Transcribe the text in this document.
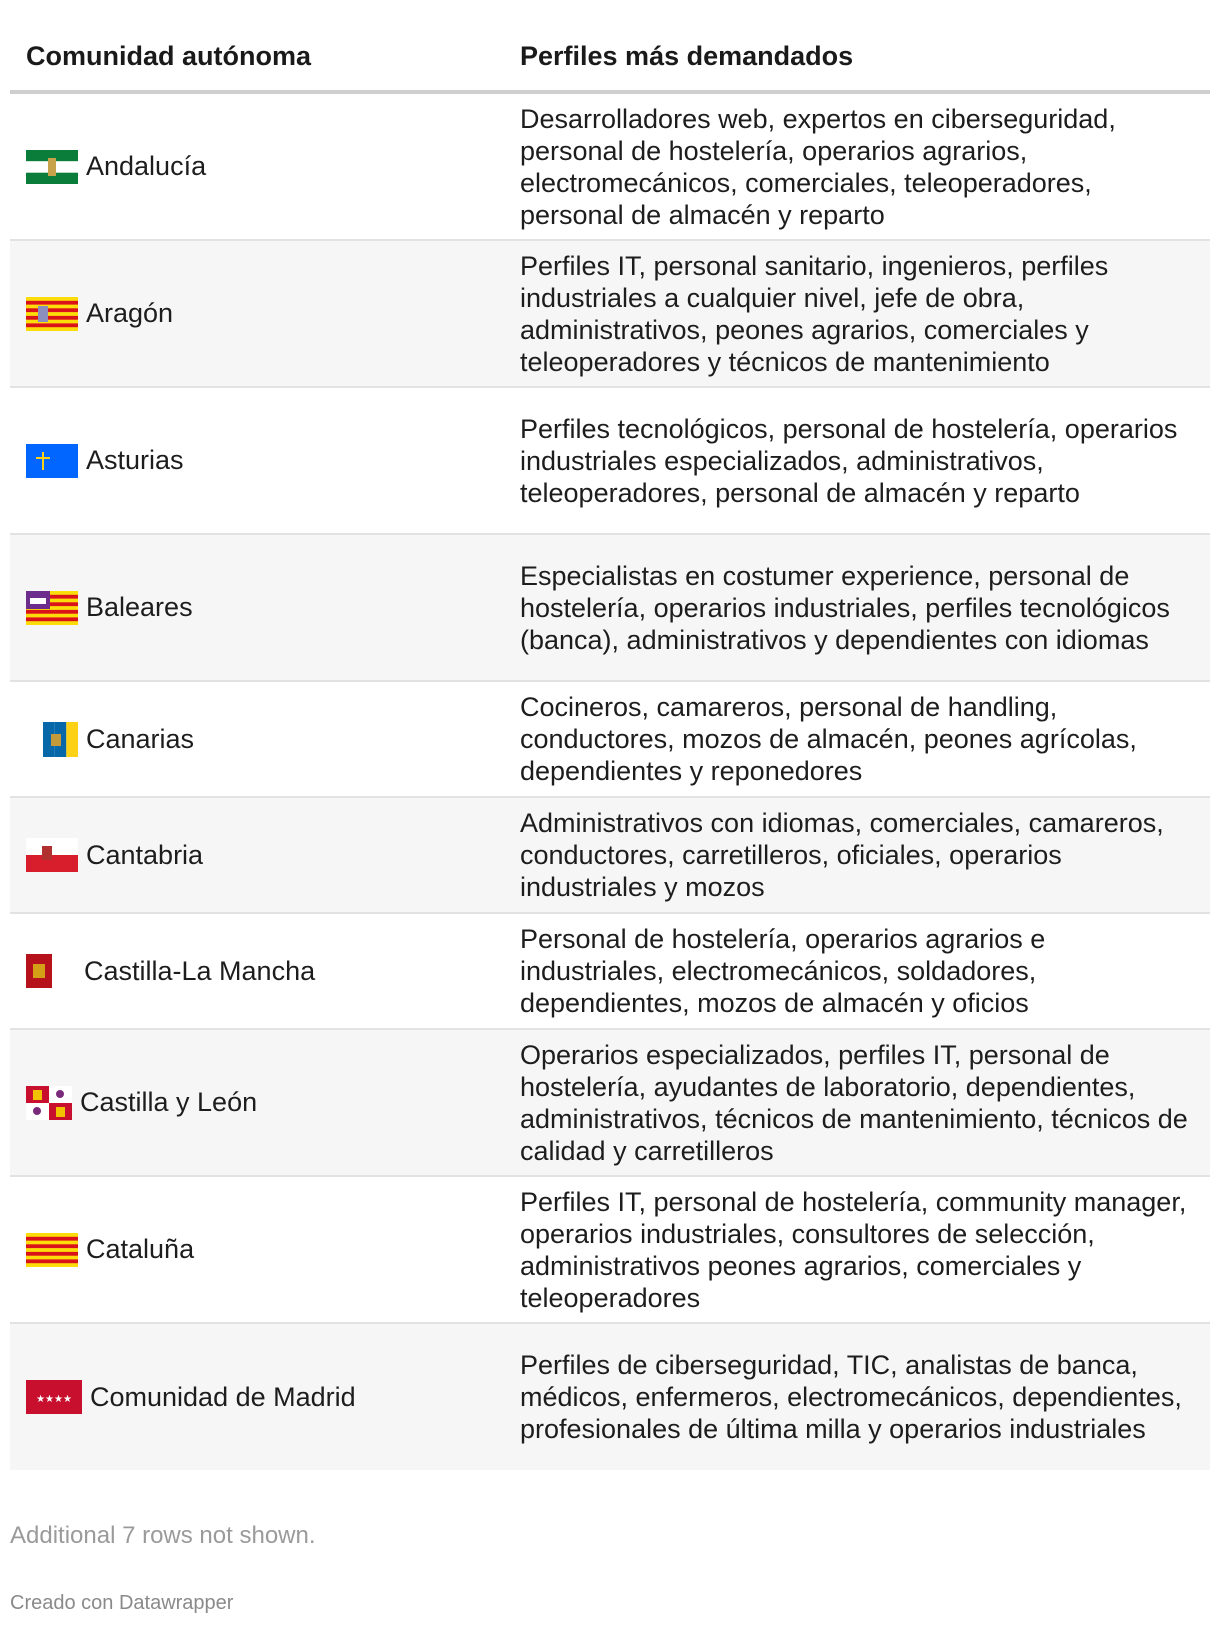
Comunidad autónoma	Perfiles más demandados
Andalucía
Desarrolladores web, expertos en ciberseguridad, personal de hostelería, operarios agrarios, electromecánicos, comerciales, teleoperadores, personal de almacén y reparto
Aragón
Perfiles IT, personal sanitario, ingenieros, perfiles industriales a cualquier nivel, jefe de obra, administrativos, peones agrarios, comerciales y teleoperadores y técnicos de mantenimiento
Asturias
Perfiles tecnológicos, personal de hostelería, operarios industriales especializados, administrativos, teleoperadores, personal de almacén y reparto
Baleares
Especialistas en costumer experience, personal de hostelería, operarios industriales, perfiles tecnológicos (banca), administrativos y dependientes con idiomas
Canarias
Cocineros, camareros, personal de handling, conductores, mozos de almacén, peones agrícolas, dependientes y reponedores
Cantabria
Administrativos con idiomas, comerciales, camareros, conductores, carretilleros, oficiales, operarios industriales y mozos
Castilla-La Mancha
Personal de hostelería, operarios agrarios e industriales, electromecánicos, soldadores, dependientes, mozos de almacén y oficios
Castilla y León
Operarios especializados, perfiles IT, personal de hostelería, ayudantes de laboratorio, dependientes, administrativos, técnicos de mantenimiento, técnicos de calidad y carretilleros
Cataluña
Perfiles IT, personal de hostelería, community manager, operarios industriales, consultores de selección, administrativos peones agrarios, comerciales y teleoperadores
★★★★ Comunidad de Madrid
Perfiles de ciberseguridad, TIC, analistas de banca, médicos, enfermeros, electromecánicos, dependientes, profesionales de última milla y operarios industriales
Additional 7 rows not shown.
Creado con Datawrapper
